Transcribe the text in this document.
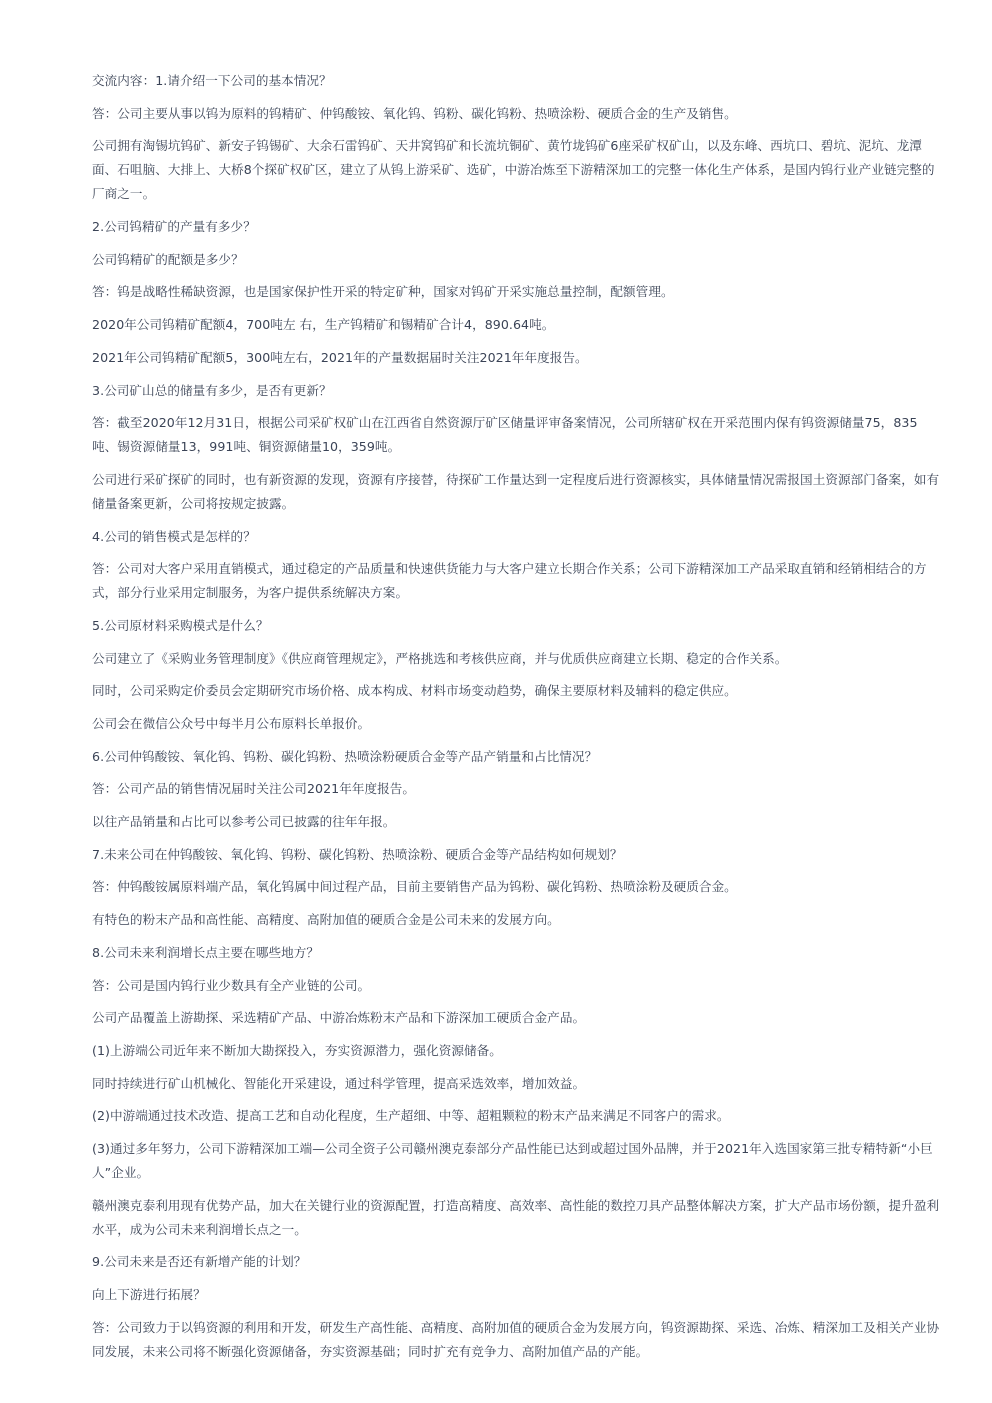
交流内容：1.请介绍一下公司的基本情况？

答：公司主要从事以钨为原料的钨精矿、仲钨酸铵、氧化钨、钨粉、碳化钨粉、热喷涂粉、硬质合金的生产及销售。

公司拥有淘锡坑钨矿、新安子钨锡矿、大余石雷钨矿、天井窝钨矿和长流坑铜矿、黄竹垅钨矿6座采矿权矿山，以及东峰、西坑口、碧坑、泥坑、龙潭面、石咀脑、大排上、大桥8个探矿权矿区，建立了从钨上游采矿、选矿，中游冶炼至下游精深加工的完整一体化生产体系，是国内钨行业产业链完整的厂商之一。

2.公司钨精矿的产量有多少？

公司钨精矿的配额是多少？

答：钨是战略性稀缺资源，也是国家保护性开采的特定矿种，国家对钨矿开采实施总量控制，配额管理。

2020年公司钨精矿配额4，700吨左 右，生产钨精矿和锡精矿合计4，890.64吨。

2021年公司钨精矿配额5，300吨左右，2021年的产量数据届时关注2021年年度报告。

3.公司矿山总的储量有多少，是否有更新？

答：截至2020年12月31日，根据公司采矿权矿山在江西省自然资源厅矿区储量评审备案情况，公司所辖矿权在开采范围内保有钨资源储量75，835吨、锡资源储量13，991吨、铜资源储量10，359吨。

公司进行采矿探矿的同时，也有新资源的发现，资源有序接替，待探矿工作量达到一定程度后进行资源核实，具体储量情况需报国土资源部门备案，如有储量备案更新，公司将按规定披露。

4.公司的销售模式是怎样的？

答：公司对大客户采用直销模式，通过稳定的产品质量和快速供货能力与大客户建立长期合作关系；公司下游精深加工产品采取直销和经销相结合的方式，部分行业采用定制服务，为客户提供系统解决方案。

5.公司原材料采购模式是什么？

公司建立了《采购业务管理制度》《供应商管理规定》，严格挑选和考核供应商，并与优质供应商建立长期、稳定的合作关系。

同时，公司采购定价委员会定期研究市场价格、成本构成、材料市场变动趋势，确保主要原材料及辅料的稳定供应。

公司会在微信公众号中每半月公布原料长单报价。

6.公司仲钨酸铵、氧化钨、钨粉、碳化钨粉、热喷涂粉硬质合金等产品产销量和占比情况？

答：公司产品的销售情况届时关注公司2021年年度报告。

以往产品销量和占比可以参考公司已披露的往年年报。

7.未来公司在仲钨酸铵、氧化钨、钨粉、碳化钨粉、热喷涂粉、硬质合金等产品结构如何规划？

答：仲钨酸铵属原料端产品，氧化钨属中间过程产品，目前主要销售产品为钨粉、碳化钨粉、热喷涂粉及硬质合金。

有特色的粉末产品和高性能、高精度、高附加值的硬质合金是公司未来的发展方向。

8.公司未来利润增长点主要在哪些地方？

答：公司是国内钨行业少数具有全产业链的公司。

公司产品覆盖上游勘探、采选精矿产品、中游冶炼粉末产品和下游深加工硬质合金产品。

(1)上游端公司近年来不断加大勘探投入，夯实资源潜力，强化资源储备。

同时持续进行矿山机械化、智能化开采建设，通过科学管理，提高采选效率，增加效益。

(2)中游端通过技术改造、提高工艺和自动化程度，生产超细、中等、超粗颗粒的粉末产品来满足不同客户的需求。

(3)通过多年努力，公司下游精深加工端—公司全资子公司赣州澳克泰部分产品性能已达到或超过国外品牌，并于2021年入选国家第三批专精特新“小巨人”企业。

赣州澳克泰利用现有优势产品，加大在关键行业的资源配置，打造高精度、高效率、高性能的数控刀具产品整体解决方案，扩大产品市场份额，提升盈利水平，成为公司未来利润增长点之一。

9.公司未来是否还有新增产能的计划？

向上下游进行拓展？

答：公司致力于以钨资源的利用和开发，研发生产高性能、高精度、高附加值的硬质合金为发展方向，钨资源勘探、采选、冶炼、精深加工及相关产业协同发展，未来公司将不断强化资源储备，夯实资源基础；同时扩充有竞争力、高附加值产品的产能。
